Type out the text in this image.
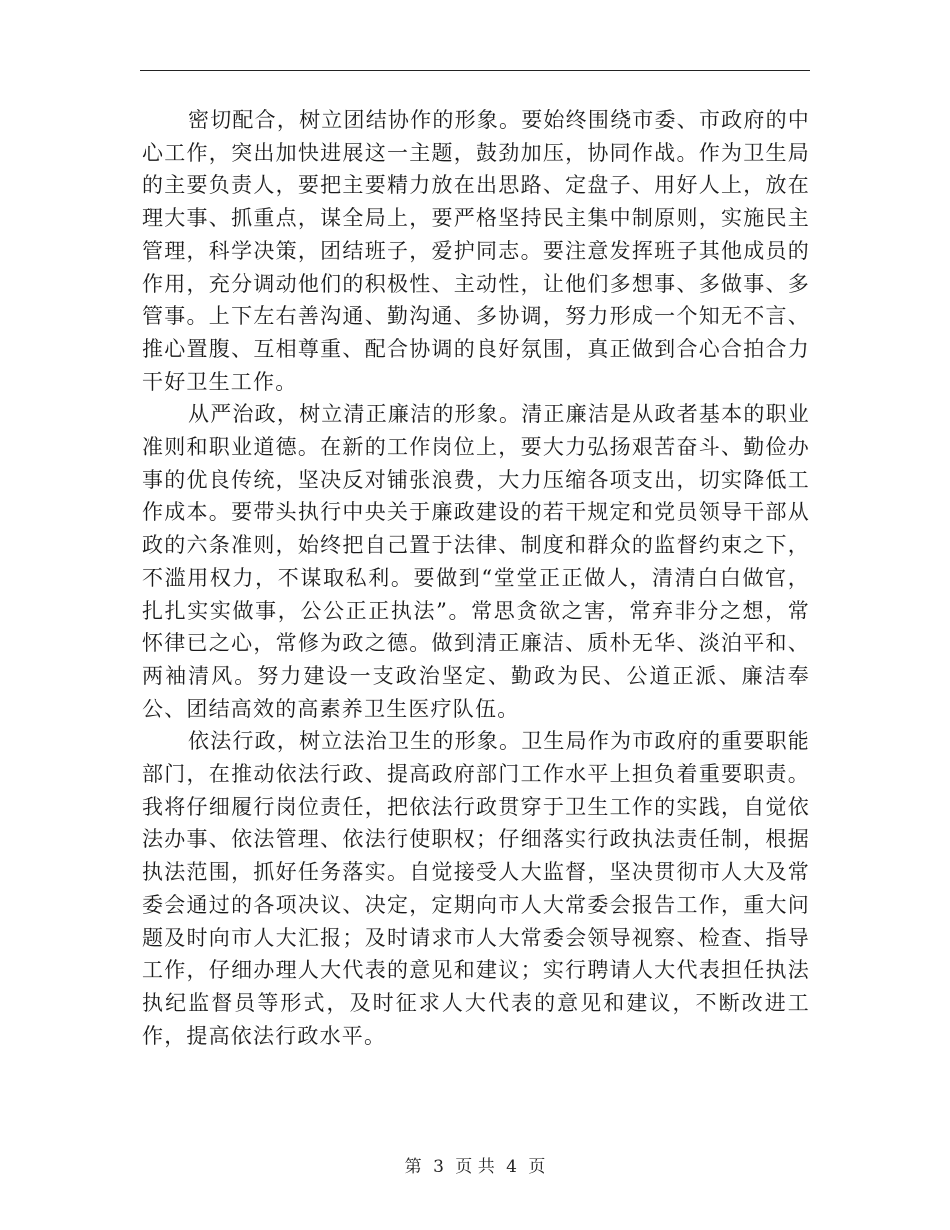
密切配合，树立团结协作的形象。要始终围绕市委、市政府的中心工作，突出加快进展这一主题，鼓劲加压，协同作战。作为卫生局的主要负责人，要把主要精力放在出思路、定盘子、用好人上，放在理大事、抓重点，谋全局上，要严格坚持民主集中制原则，实施民主管理，科学决策，团结班子，爱护同志。要注意发挥班子其他成员的作用，充分调动他们的积极性、主动性，让他们多想事、多做事、多管事。上下左右善沟通、勤沟通、多协调，努力形成一个知无不言、推心置腹、互相尊重、配合协调的良好氛围，真正做到合心合拍合力干好卫生工作。

从严治政，树立清正廉洁的形象。清正廉洁是从政者基本的职业准则和职业道德。在新的工作岗位上，要大力弘扬艰苦奋斗、勤俭办事的优良传统，坚决反对铺张浪费，大力压缩各项支出，切实降低工作成本。要带头执行中央关于廉政建设的若干规定和党员领导干部从政的六条准则，始终把自己置于法律、制度和群众的监督约束之下，不滥用权力，不谋取私利。要做到“堂堂正正做人，清清白白做官，扎扎实实做事，公公正正执法”。常思贪欲之害，常弃非分之想，常怀律已之心，常修为政之德。做到清正廉洁、质朴无华、淡泊平和、两袖清风。努力建设一支政治坚定、勤政为民、公道正派、廉洁奉公、团结高效的高素养卫生医疗队伍。

依法行政，树立法治卫生的形象。卫生局作为市政府的重要职能部门，在推动依法行政、提高政府部门工作水平上担负着重要职责。我将仔细履行岗位责任，把依法行政贯穿于卫生工作的实践，自觉依法办事、依法管理、依法行使职权；仔细落实行政执法责任制，根据执法范围，抓好任务落实。自觉接受人大监督，坚决贯彻市人大及常委会通过的各项决议、决定，定期向市人大常委会报告工作，重大问题及时向市人大汇报；及时请求市人大常委会领导视察、检查、指导工作，仔细办理人大代表的意见和建议；实行聘请人大代表担任执法执纪监督员等形式，及时征求人大代表的意见和建议，不断改进工作，提高依法行政水平。

第 3 页 共 4 页
